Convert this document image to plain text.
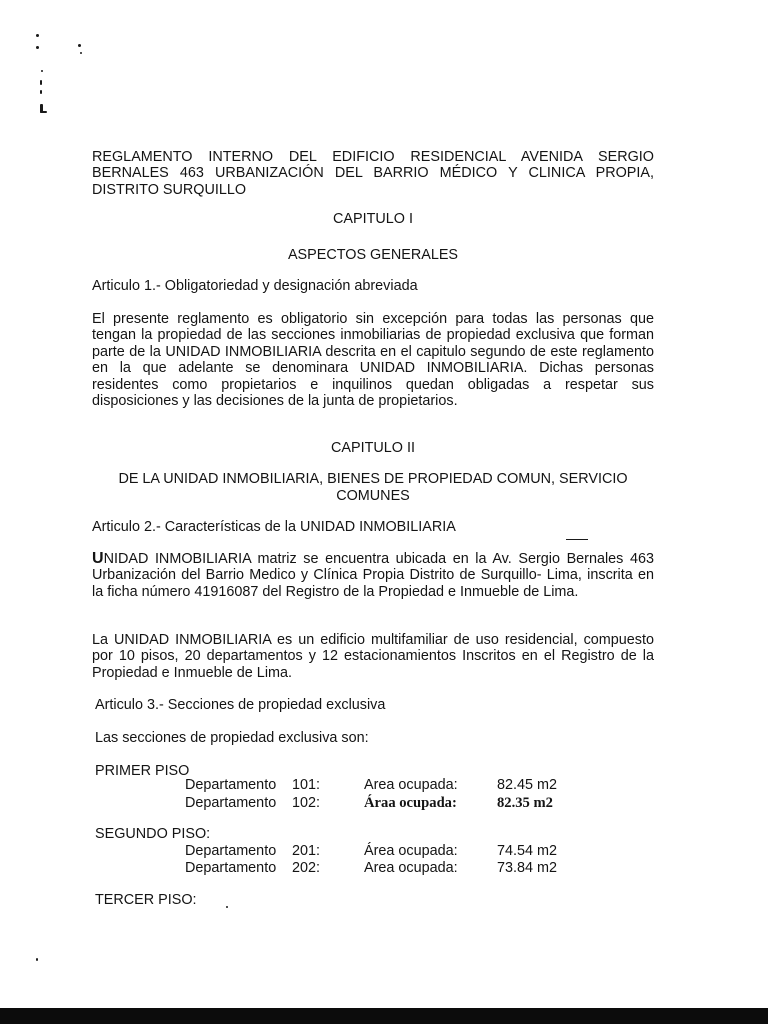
REGLAMENTO INTERNO DEL EDIFICIO RESIDENCIAL AVENIDA SERGIO
BERNALES 463 URBANIZACIÓN DEL BARRIO MÉDICO Y CLINICA PROPIA,
DISTRITO SURQUILLO
CAPITULO I
ASPECTOS GENERALES
Articulo 1.- Obligatoriedad y designación abreviada
El presente reglamento es obligatorio sin excepción para todas las personas que tengan la propiedad de las secciones inmobiliarias de propiedad exclusiva que forman parte de la UNIDAD INMOBILIARIA descrita en el capitulo segundo de este reglamento en la que adelante se denominara UNIDAD INMOBILIARIA. Dichas personas residentes como propietarios e inquilinos quedan obligadas a respetar sus disposiciones y las decisiones de la junta de propietarios.
CAPITULO II
DE LA UNIDAD INMOBILIARIA, BIENES DE PROPIEDAD COMUN, SERVICIO
COMUNES
Articulo 2.- Características de la UNIDAD INMOBILIARIA
UNIDAD INMOBILIARIA matriz se encuentra ubicada en la Av. Sergio Bernales 463 Urbanización del Barrio Medico y Clínica Propia Distrito de Surquillo- Lima, inscrita en la ficha número 41916087 del Registro de la Propiedad e Inmueble de Lima.
La UNIDAD INMOBILIARIA es un edificio multifamiliar de uso residencial, compuesto por 10 pisos, 20 departamentos y 12 estacionamientos Inscritos en el Registro de la Propiedad e Inmueble de Lima.
Articulo 3.- Secciones de propiedad exclusiva
Las secciones de propiedad exclusiva son:
PRIMER PISO
Departamento 101:	Area ocupada:	82.45 m2
Departamento 102:	Áraa ocupada:	82.35 m2
SEGUNDO PISO:
Departamento 201:	Área ocupada:	74.54 m2
Departamento 202:	Area ocupada:	73.84 m2
TERCER PISO:
